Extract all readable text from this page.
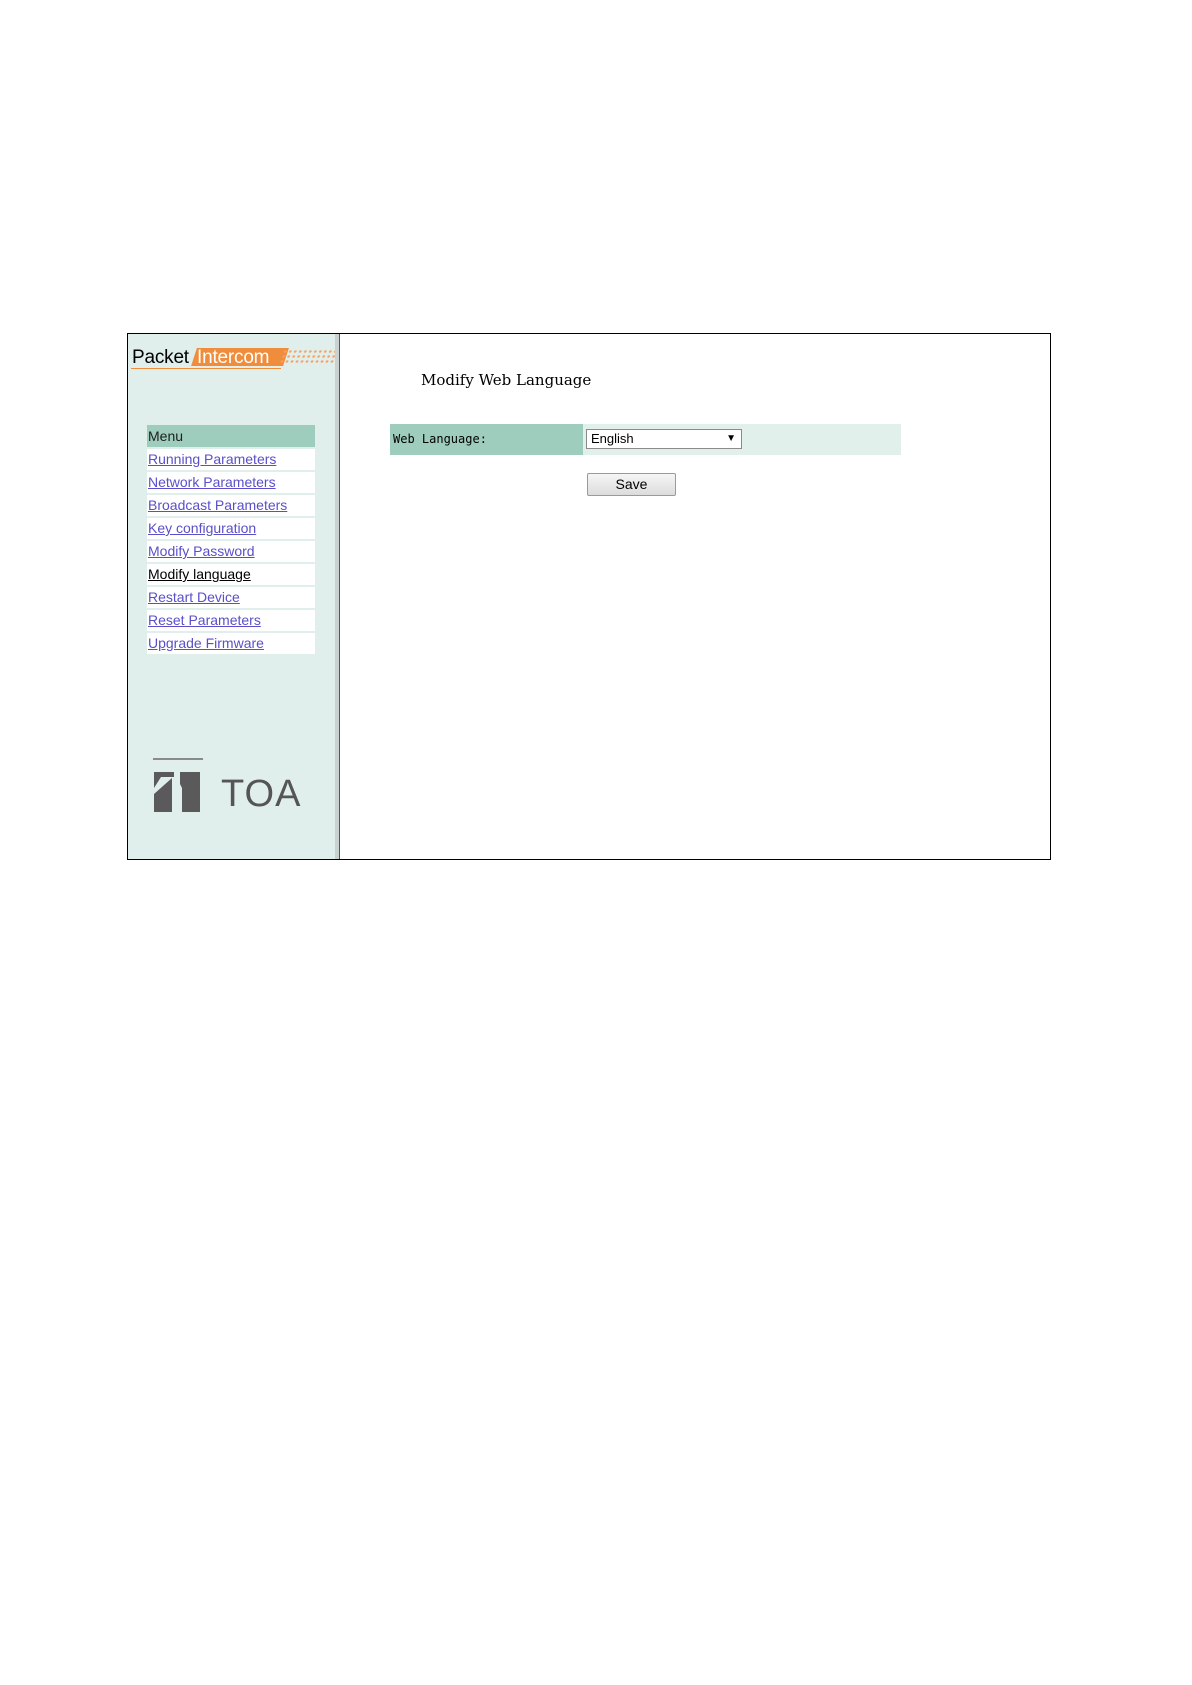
Packet Intercom
Menu
Running Parameters
Network Parameters
Broadcast Parameters
Key configuration
Modify Password
Modify language
Restart Device
Reset Parameters
Upgrade Firmware
TOA
Modify Web Language
Web Language:	English	▼
Save
